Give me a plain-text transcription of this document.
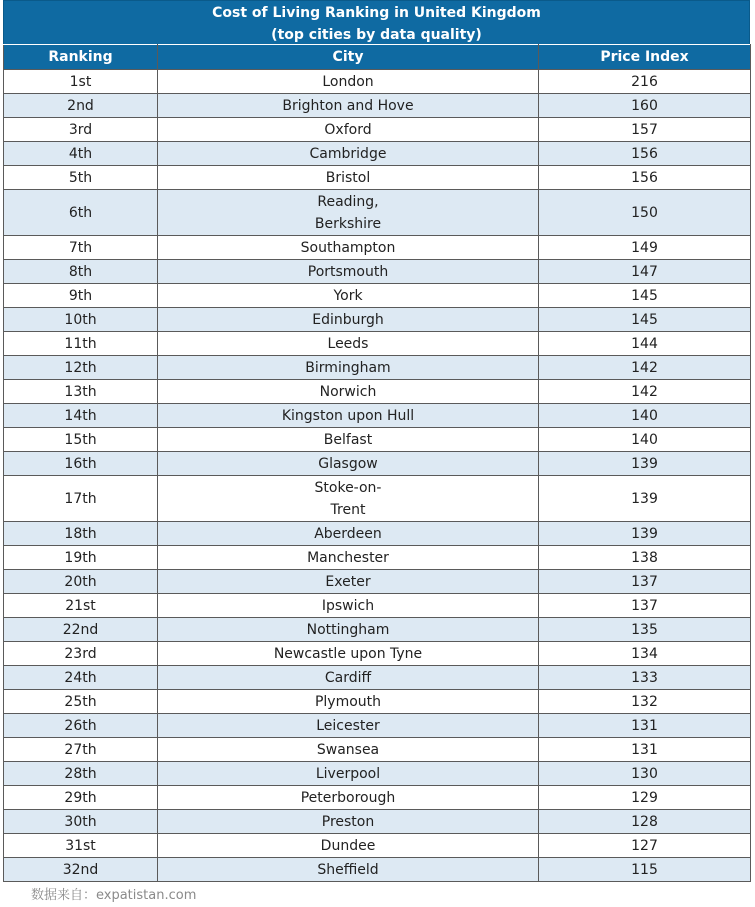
Cost of Living Ranking in United Kingdom
(top cities by data quality)
Ranking	City	Price Index
1st	London	216
2nd	Brighton and Hove	160
3rd	Oxford	157
4th	Cambridge	156
5th	Bristol	156
6th	Reading, Berkshire	150
7th	Southampton	149
8th	Portsmouth	147
9th	York	145
10th	Edinburgh	145
11th	Leeds	144
12th	Birmingham	142
13th	Norwich	142
14th	Kingston upon Hull	140
15th	Belfast	140
16th	Glasgow	139
17th	Stoke-on-Trent	139
18th	Aberdeen	139
19th	Manchester	138
20th	Exeter	137
21st	Ipswich	137
22nd	Nottingham	135
23rd	Newcastle upon Tyne	134
24th	Cardiff	133
25th	Plymouth	132
26th	Leicester	131
27th	Swansea	131
28th	Liverpool	130
29th	Peterborough	129
30th	Preston	128
31st	Dundee	127
32nd	Sheffield	115
数据来自：expatistan.com
